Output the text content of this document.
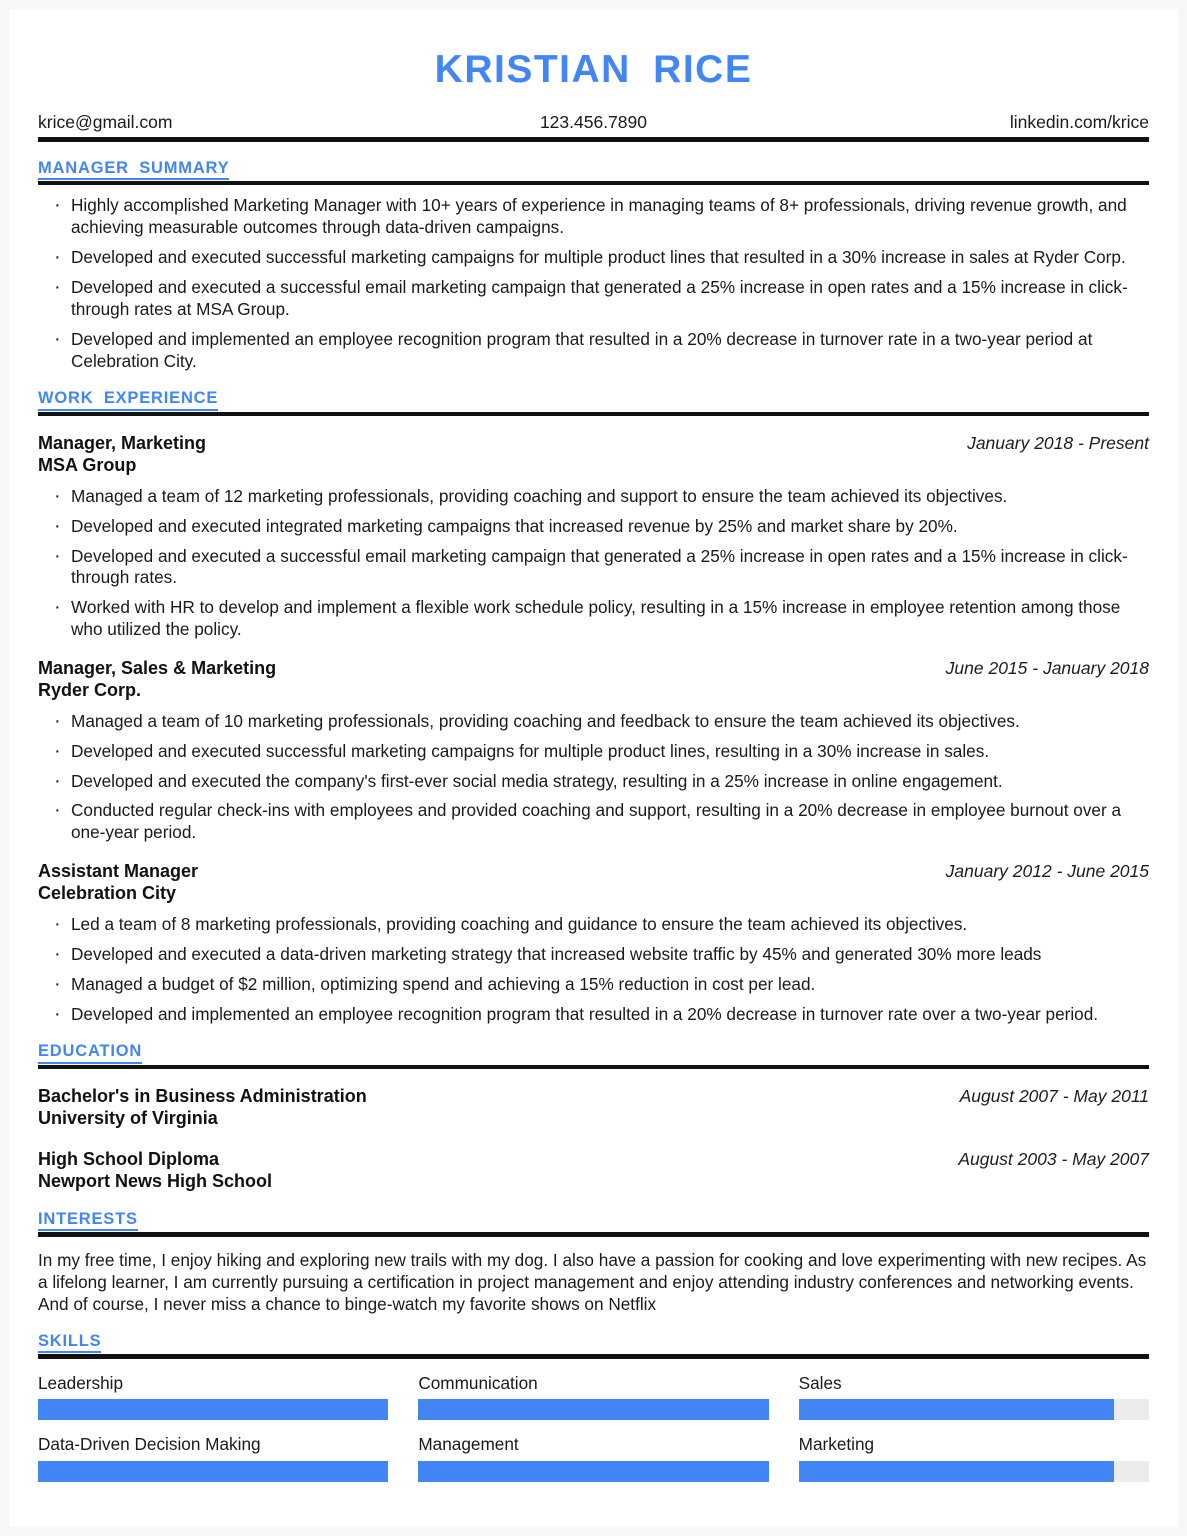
KRISTIAN RICE
krice@gmail.com	123.456.7890	linkedin.com/krice
MANAGER SUMMARY
· Highly accomplished Marketing Manager with 10+ years of experience in managing teams of 8+ professionals, driving revenue growth, and achieving measurable outcomes through data-driven campaigns.
· Developed and executed successful marketing campaigns for multiple product lines that resulted in a 30% increase in sales at Ryder Corp.
· Developed and executed a successful email marketing campaign that generated a 25% increase in open rates and a 15% increase in click-through rates at MSA Group.
· Developed and implemented an employee recognition program that resulted in a 20% decrease in turnover rate in a two-year period at Celebration City.
WORK EXPERIENCE
Manager, Marketing	January 2018 - Present
MSA Group
· Managed a team of 12 marketing professionals, providing coaching and support to ensure the team achieved its objectives.
· Developed and executed integrated marketing campaigns that increased revenue by 25% and market share by 20%.
· Developed and executed a successful email marketing campaign that generated a 25% increase in open rates and a 15% increase in click-through rates.
· Worked with HR to develop and implement a flexible work schedule policy, resulting in a 15% increase in employee retention among those who utilized the policy.
Manager, Sales & Marketing	June 2015 - January 2018
Ryder Corp.
· Managed a team of 10 marketing professionals, providing coaching and feedback to ensure the team achieved its objectives.
· Developed and executed successful marketing campaigns for multiple product lines, resulting in a 30% increase in sales.
· Developed and executed the company's first-ever social media strategy, resulting in a 25% increase in online engagement.
· Conducted regular check-ins with employees and provided coaching and support, resulting in a 20% decrease in employee burnout over a one-year period.
Assistant Manager	January 2012 - June 2015
Celebration City
· Led a team of 8 marketing professionals, providing coaching and guidance to ensure the team achieved its objectives.
· Developed and executed a data-driven marketing strategy that increased website traffic by 45% and generated 30% more leads
· Managed a budget of $2 million, optimizing spend and achieving a 15% reduction in cost per lead.
· Developed and implemented an employee recognition program that resulted in a 20% decrease in turnover rate over a two-year period.
EDUCATION
Bachelor's in Business Administration	August 2007 - May 2011
University of Virginia
High School Diploma	August 2003 - May 2007
Newport News High School
INTERESTS
In my free time, I enjoy hiking and exploring new trails with my dog. I also have a passion for cooking and love experimenting with new recipes. As a lifelong learner, I am currently pursuing a certification in project management and enjoy attending industry conferences and networking events. And of course, I never miss a chance to binge-watch my favorite shows on Netflix
SKILLS
Leadership	Communication	Sales
Data-Driven Decision Making	Management	Marketing
